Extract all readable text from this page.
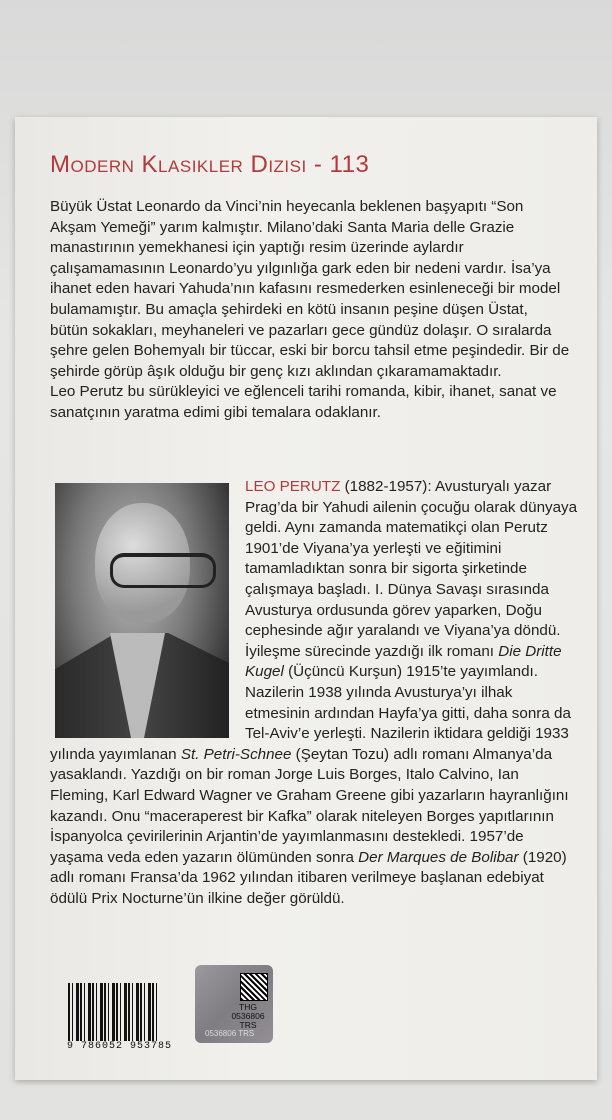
Modern Klasikler Dizisi - 113

Büyük Üstat Leonardo da Vinci’nin heyecanla beklenen başyapıtı “Son Akşam Yemeği” yarım kalmıştır. Milano’daki Santa Maria delle Grazie manastırının yemekhanesi için yaptığı resim üzerinde aylardır çalışamamasının Leonardo’yu yılgınlığa gark eden bir nedeni vardır. İsa’ya ihanet eden havari Yahuda’nın kafasını resmederken esinleneceği bir model bulamamıştır. Bu amaçla şehirdeki en kötü insanın peşine düşen Üstat, bütün sokakları, meyhaneleri ve pazarları gece gündüz dolaşır. O sıralarda şehre gelen Bohemyalı bir tüccar, eski bir borcu tahsil etme peşindedir. Bir de şehirde görüp âşık olduğu bir genç kızı aklından çıkaramamaktadır.

Leo Perutz bu sürükleyici ve eğlenceli tarihi romanda, kibir, ihanet, sanat ve sanatçının yaratma edimi gibi temalara odaklanır.

LEO PERUTZ (1882-1957): Avusturyalı yazar Prag’da bir Yahudi ailenin çocuğu olarak dünyaya geldi. Aynı zamanda matematikçi olan Perutz 1901’de Viyana’ya yerleşti ve eğitimini tamamladıktan sonra bir sigorta şirketinde çalışmaya başladı. I. Dünya Savaşı sırasında Avusturya ordusunda görev yaparken, Doğu cephesinde ağır yaralandı ve Viyana’ya döndü. İyileşme sürecinde yazdığı ilk romanı Die Dritte Kugel (Üçüncü Kurşun) 1915’te yayımlandı. Nazilerin 1938 yılında Avusturya’yı ilhak etmesinin ardından Hayfa’ya gitti, daha sonra da Tel-Aviv’e yerleşti. Nazilerin iktidara geldiği 1933 yılında yayımlanan St. Petri-Schnee (Şeytan Tozu) adlı romanı Almanya’da yasaklandı. Yazdığı on bir roman Jorge Luis Borges, Italo Calvino, Ian Fleming, Karl Edward Wagner ve Graham Greene gibi yazarların hayranlığını kazandı. Onu “maceraperest bir Kafka” olarak niteleyen Borges yapıtlarının İspanyolca çevirilerinin Arjantin’de yayımlanmasını destekledi. 1957’de yaşama veda eden yazarın ölümünden sonra Der Marques de Bolibar (1920) adlı romanı Fransa’da 1962 yılından itibaren verilmeye başlanan edebiyat ödülü Prix Nocturne’ün ilkine değer görüldü.
9 786052 953785
THG
0536806
TRS
0536806 TRS
